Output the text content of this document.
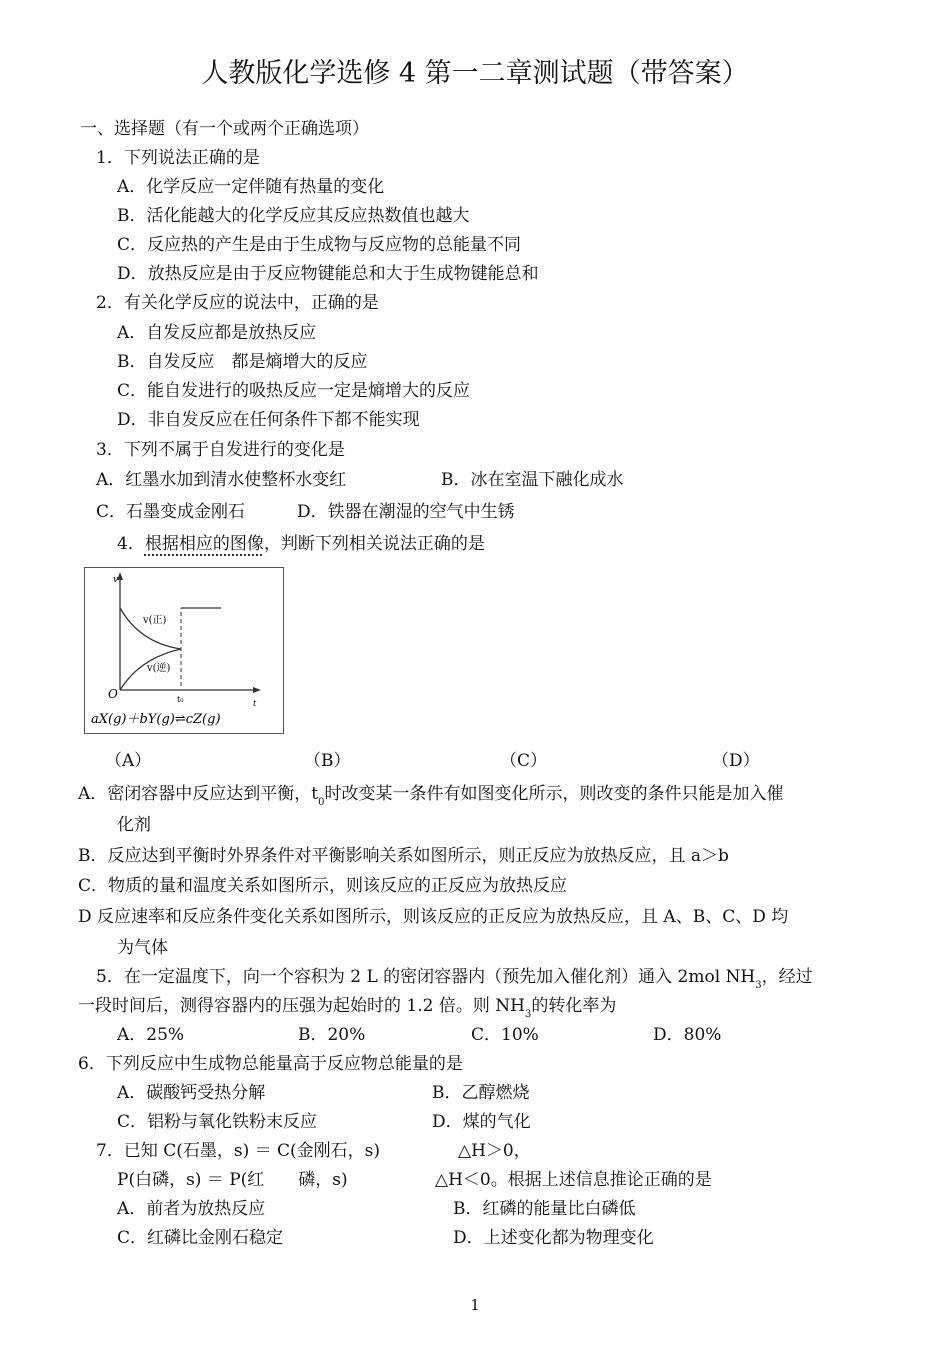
人教版化学选修 4 第一二章测试题（带答案）
一、选择题（有一个或两个正确选项）
1．下列说法正确的是
A．化学反应一定伴随有热量的变化
B．活化能越大的化学反应其反应热数值也越大
C．反应热的产生是由于生成物与反应物的总能量不同
D．放热反应是由于反应物键能总和大于生成物键能总和
2．有关化学反应的说法中，正确的是
A．自发反应都是放热反应
B．自发反应　都是熵增大的反应
C．能自发进行的吸热反应一定是熵增大的反应
D．非自发反应在任何条件下都不能实现
3．下列不属于自发进行的变化是
A．红墨水加到清水使整杯水变红	B．冰在室温下融化成水
C．石墨变成金刚石	D．铁器在潮湿的空气中生锈
4．根据相应的图像，判断下列相关说法正确的是
v
v(正)
v(逆)
O	t₀	t
aX(g)＋bY(g)⇌cZ(g)
（A）	（B）	（C）	（D）
A．密闭容器中反应达到平衡，$t_0$时改变某一条件有如图变化所示，则改变的条件只能是加入催
化剂
B．反应达到平衡时外界条件对平衡影响关系如图所示，则正反应为放热反应，且 a＞b
C．物质的量和温度关系如图所示，则该反应的正反应为放热反应
D 反应速率和反应条件变化关系如图所示，则该反应的正反应为放热反应，且 A、B、C、D 均
为气体
5．在一定温度下，向一个容积为 2 L 的密闭容器内（预先加入催化剂）通入 2mol $NH_3$，经过
一段时间后，测得容器内的压强为起始时的 1.2 倍。则 $NH_3$的转化率为
A．25%	B．20%	C．10%	D．80%
6．下列反应中生成物总能量高于反应物总能量的是
A．碳酸钙受热分解	B．乙醇燃烧
C．铝粉与氧化铁粉末反应	D．煤的气化
7．已知 C(石墨，s) ＝ C(金刚石，s)	△H＞0，
P(白磷，s) ＝ P(红　　磷，s)	△H＜0。根据上述信息推论正确的是
A．前者为放热反应	B．红磷的能量比白磷低
C．红磷比金刚石稳定	D．上述变化都为物理变化
1
